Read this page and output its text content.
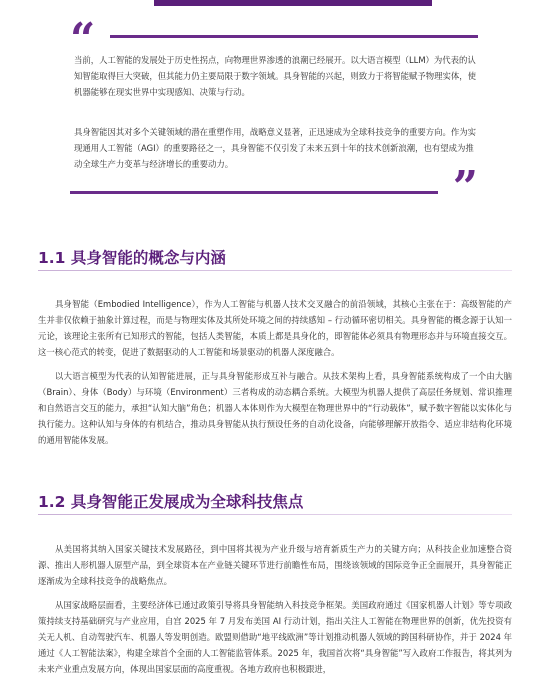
“

当前，人工智能的发展处于历史性拐点，向物理世界渗透的浪潮已经展开。以大语言模型（LLM）为代表的认知智能取得巨大突破，但其能力仍主要局限于数字领域。具身智能的兴起，则致力于将智能赋予物理实体，使机器能够在现实世界中实现感知、决策与行动。

具身智能因其对多个关键领域的潜在重塑作用，战略意义显著，正迅速成为全球科技竞争的重要方向。作为实现通用人工智能（AGI）的重要路径之一，具身智能不仅引发了未来五到十年的技术创新浪潮，也有望成为推动全球生产力变革与经济增长的重要动力。	”
1.1 具身智能的概念与内涵

具身智能（Embodied Intelligence），作为人工智能与机器人技术交叉融合的前沿领域，其核心主张在于：高级智能的产生并非仅依赖于抽象计算过程，而是与物理实体及其所处环境之间的持续感知 – 行动循环密切相关。具身智能的概念源于认知一元论，该理论主张所有已知形式的智能，包括人类智能，本质上都是具身化的，即智能体必须具有物理形态并与环境直接交互。这一核心范式的转变，促进了数据驱动的人工智能和场景驱动的机器人深度融合。

以大语言模型为代表的认知智能进展，正与具身智能形成互补与融合。从技术架构上看，具身智能系统构成了一个由大脑（Brain）、身体（Body）与环境（Environment）三者构成的动态耦合系统。大模型为机器人提供了高层任务规划、常识推理和自然语言交互的能力，承担“认知大脑”角色；机器人本体则作为大模型在物理世界中的“行动载体”，赋予数字智能以实体化与执行能力。这种认知与身体的有机结合，推动具身智能从执行预设任务的自动化设备，向能够理解开放指令、适应非结构化环境的通用智能体发展。

1.2 具身智能正发展成为全球科技焦点

从美国将其纳入国家关键技术发展路径，到中国将其视为产业升级与培育新质生产力的关键方向；从科技企业加速整合资源、推出人形机器人原型产品，到全球资本在产业链关键环节进行前瞻性布局，围绕该领域的国际竞争正全面展开，具身智能正逐渐成为全球科技竞争的战略焦点。

从国家战略层面看，主要经济体已通过政策引导将具身智能纳入科技竞争框架。美国政府通过《国家机器人计划》等专项政策持续支持基础研究与产业应用，自宫 2025 年 7 月发布美国 AI 行动计划，指出关注人工智能在物理世界的创新，优先投资有关无人机、自动驾驶汽车、机器人等发明创造。欧盟则借助“地平线欧洲”等计划推动机器人领域的跨国科研协作，并于 2024 年通过《人工智能法案》，构建全球首个全面的人工智能监管体系。2025 年，我国首次将“具身智能”写入政府工作报告，将其列为未来产业重点发展方向，体现出国家层面的高度重视。各地方政府也积极跟进，
